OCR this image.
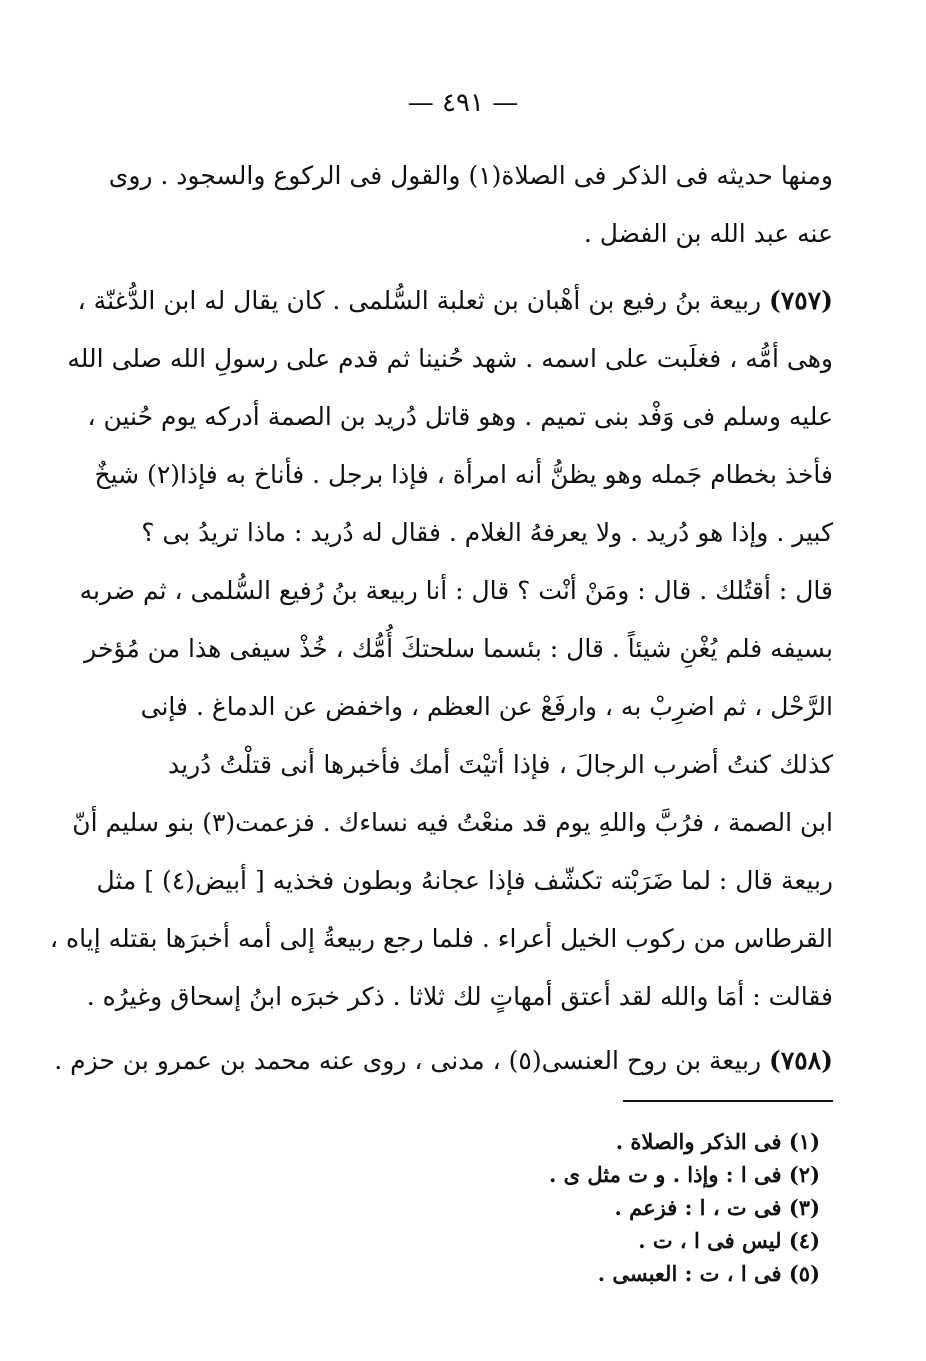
— ٤٩١ —
ومنها حديثه فى الذكر فى الصلاة(١) والقول فى الركوع والسجود . روى
عنه عبد الله بن الفضل .
(٧٥٧) ربيعة بنُ رفيع بن أهْبان بن ثعلبة السُّلمى . كان يقال له ابن الدُّغنّة ،
وهى أمُّه ، فغلَبت على اسمه . شهد حُنينا ثم قدم على رسولِ الله صلى الله
عليه وسلم فى وَفْد بنى تميم . وهو قاتل دُريد بن الصمة أدركه يوم حُنين ،
فأخذ بخطام جَمله وهو يظنُّ أنه امرأة ، فإذا برجل . فأناخ به فإذا(٢) شيخٌ
كبير . وإذا هو دُريد . ولا يعرفهُ الغلام . فقال له دُريد : ماذا تريدُ بى ؟
قال : أقتُلك . قال : ومَنْ أنْت ؟ قال : أنا ربيعة بنُ رُفيع السُّلمى ، ثم ضربه
بسيفه فلم يُغْنِ شيئاً . قال : بئسما سلحتكَ أُمُّك ، خُذْ سيفى هذا من مُؤخر
الرَّحْل ، ثم اضرِبْ به ، وارفَعْ عن العظم ، واخفض عن الدماغ . فإنى
كذلك كنتُ أضرب الرجالَ ، فإذا أتيْتَ أمك فأخبرها أنى قتلْتُ دُريد
ابن الصمة ، فرُبَّ واللهِ يوم قد منعْتُ فيه نساءك . فزعمت(٣) بنو سليم أنّ
ربيعة قال : لما ضَرَبْته تكشّف فإذا عجانهُ وبطون فخذيه [ أبيض(٤) ] مثل
القرطاس من ركوب الخيل أعراء . فلما رجع ربيعةُ إلى أمه أخبرَها بقتله إياه ،
فقالت : أمَا والله لقد أعتق أمهاتٍ لك ثلاثا . ذكر خبرَه ابنُ إسحاق وغيرُه .
(٧٥٨) ربيعة بن روح العنسى(٥) ، مدنى ، روى عنه محمد بن عمرو بن حزم .
(١) فى الذكر والصلاة .
(٢) فى ا : وإذا . و ت مثل ى .
(٣) فى ت ، ا : فزعم .
(٤) ليس فى ا ، ت .
(٥) فى ا ، ت : العبسى .
